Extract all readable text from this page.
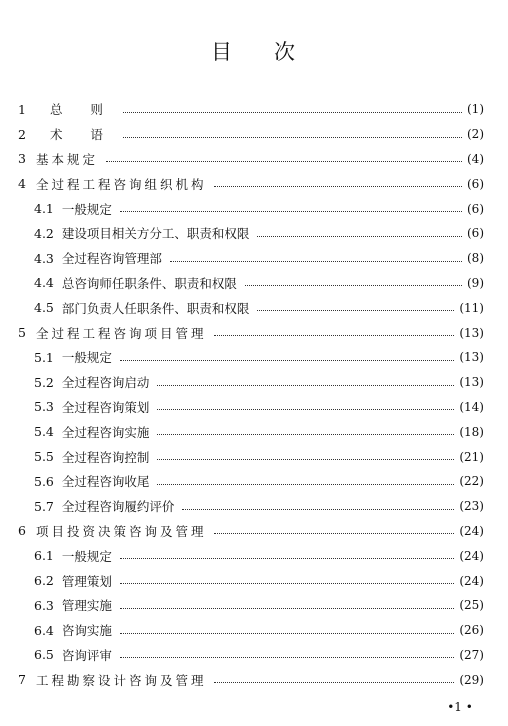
目 次
1	总 则	(1)
2	术 语	(2)
3 基本规定	(4)
4 全过程工程咨询组织机构	(6)
4.1 一般规定	(6)
4.2 建设项目相关方分工、职责和权限	(6)
4.3 全过程咨询管理部	(8)
4.4 总咨询师任职条件、职责和权限	(9)
4.5 部门负责人任职条件、职责和权限	(11)
5 全过程工程咨询项目管理	(13)
5.1 一般规定	(13)
5.2 全过程咨询启动	(13)
5.3 全过程咨询策划	(14)
5.4 全过程咨询实施	(18)
5.5 全过程咨询控制	(21)
5.6 全过程咨询收尾	(22)
5.7 全过程咨询履约评价	(23)
6 项目投资决策咨询及管理	(24)
6.1 一般规定	(24)
6.2 管理策划	(24)
6.3 管理实施	(25)
6.4 咨询实施	(26)
6.5 咨询评审	(27)
7 工程勘察设计咨询及管理	(29)
•1 •
